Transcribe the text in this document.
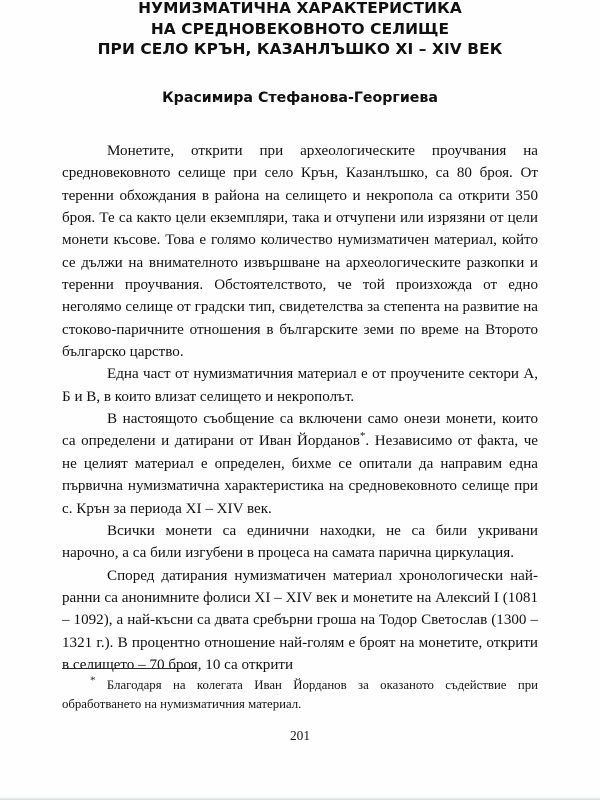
НУМИЗМАТИЧНА ХАРАКТЕРИСТИКА
НА СРЕДНОВЕКОВНОТО СЕЛИЩЕ
ПРИ СЕЛО КРЪН, КАЗАНЛЪШКО XI – XIV ВЕК
Красимира Стефанова-Георгиева

Монетите, открити при археологическите проучвания на средновековното селище при село Крън, Казанлъшко, са 80 броя. От теренни обхождания в района на селището и некропола са открити 350 броя. Те са както цели екземпляри, така и отчупени или изрязяни от цели монети късове. Това е голямо количество нумизматичен материал, който се дължи на внимателното извършване на археологическите разкопки и теренни проучвания. Обстоятелството, че той произхожда от едно неголямо селище от градски тип, свидетелства за степента на развитие на стоково-паричните отношения в българските земи по време на Второто българско царство.

Една част от нумизматичния материал е от проучените сектори А, Б и В, в които влизат селището и некрополът.

В настоящото съобщение са включени само онези монети, които са определени и датирани от Иван Йорданов*. Независимо от факта, че не целият материал е определен, бихме се опитали да направим една първична нумизматична характеристика на средновековното селище при с. Крън за периода XI – XIV век.

Всички монети са единични находки, не са били укривани нарочно, а са били изгубени в процеса на самата парична циркулация.

Според датирания нумизматичен материал хронологически най-ранни са анонимните фолиси XI – XIV век и монетите на Алексий I (1081 – 1092), а най-късни са двата сребърни гроша на Тодор Светослав (1300 – 1321 г.). В процентно отношение най-голям е броят на монетите, открити в селището – 70 броя, 10 са открити

* Благодаря на колегата Иван Йорданов за оказаното съдействие при обработването на нумизматичния материал.

201
